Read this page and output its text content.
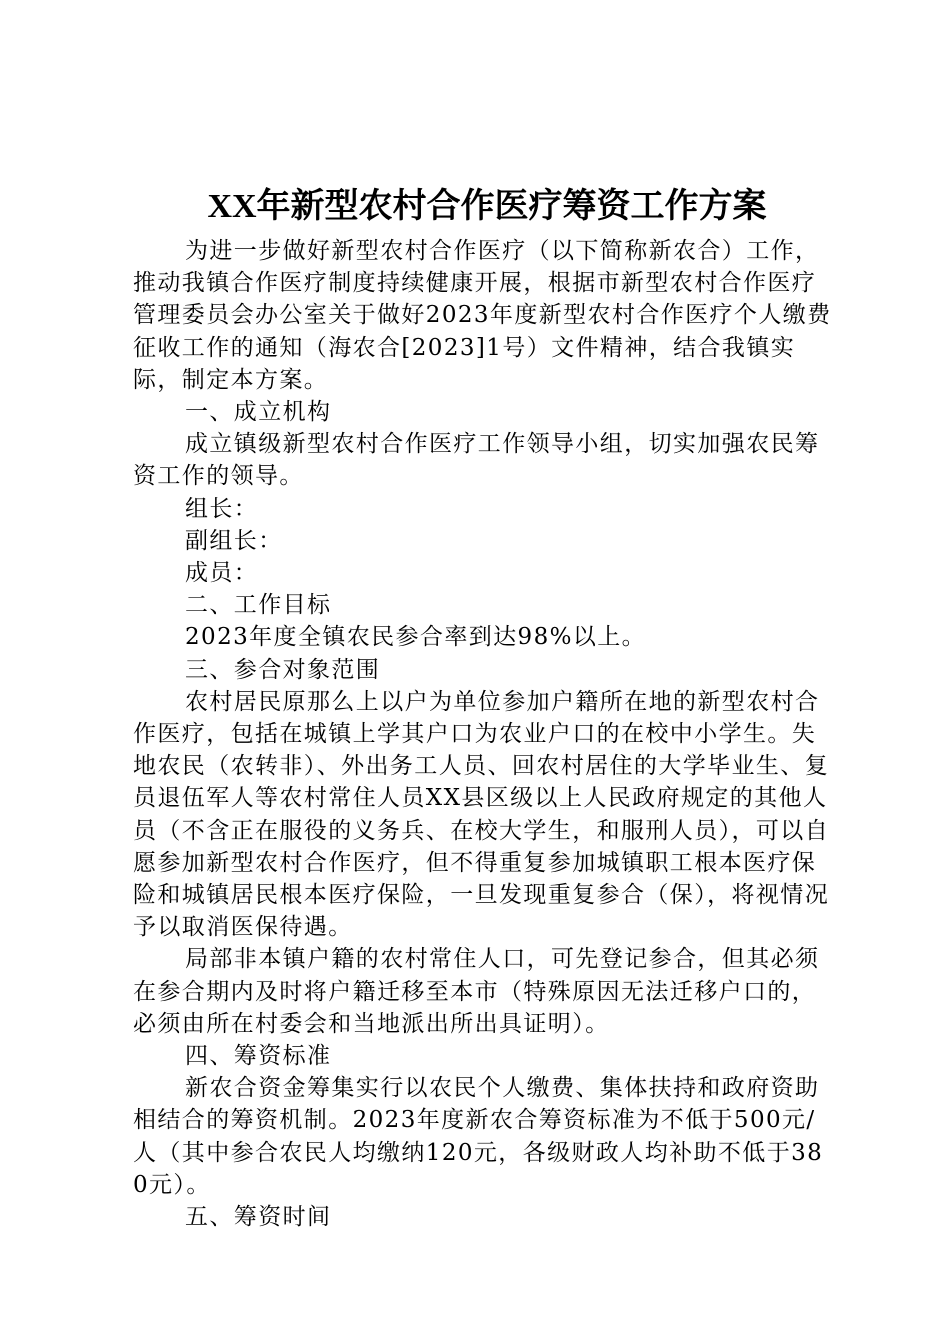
XX年新型农村合作医疗筹资工作方案

为进一步做好新型农村合作医疗（以下简称新农合）工作，推动我镇合作医疗制度持续健康开展，根据市新型农村合作医疗管理委员会办公室关于做好2023年度新型农村合作医疗个人缴费征收工作的通知（海农合[2023]1号）文件精神，结合我镇实际，制定本方案。

一、成立机构

成立镇级新型农村合作医疗工作领导小组，切实加强农民筹资工作的领导。

组长：

副组长：

成员：

二、工作目标

2023年度全镇农民参合率到达98%以上。

三、参合对象范围

农村居民原那么上以户为单位参加户籍所在地的新型农村合作医疗，包括在城镇上学其户口为农业户口的在校中小学生。失地农民（农转非）、外出务工人员、回农村居住的大学毕业生、复员退伍军人等农村常住人员XX县区级以上人民政府规定的其他人员（不含正在服役的义务兵、在校大学生，和服刑人员），可以自愿参加新型农村合作医疗，但不得重复参加城镇职工根本医疗保险和城镇居民根本医疗保险，一旦发现重复参合（保），将视情况予以取消医保待遇。

局部非本镇户籍的农村常住人口，可先登记参合，但其必须在参合期内及时将户籍迁移至本市（特殊原因无法迁移户口的，必须由所在村委会和当地派出所出具证明）。

四、筹资标准

新农合资金筹集实行以农民个人缴费、集体扶持和政府资助相结合的筹资机制。2023年度新农合筹资标准为不低于500元/人（其中参合农民人均缴纳120元，各级财政人均补助不低于380元）。

五、筹资时间
